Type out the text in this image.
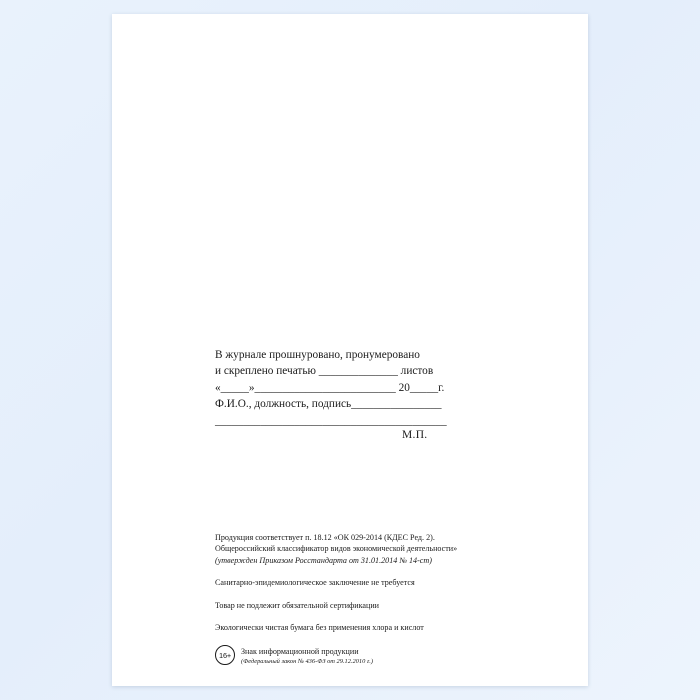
В журнале прошнуровано, пронумеровано
и скреплено печатью ______________ листов
«_____»_________________________ 20_____г.
Ф.И.О., должность, подпись________________
_________________________________________
М.П.
Продукция соответствует п. 18.12 «ОК 029-2014 (КДЕС Ред. 2).
Общероссийский классификатор видов экономической деятельности»
(утвержден Приказом Росстандарта от 31.01.2014 № 14-ст)
Санитарно-эпидемиологическое заключение не требуется
Товар не подлежит обязательной сертификации
Экологически чистая бумага без применения хлора и кислот
16+	Знак информационной продукции
(Федеральный закон № 436-ФЗ от 29.12.2010 г.)
